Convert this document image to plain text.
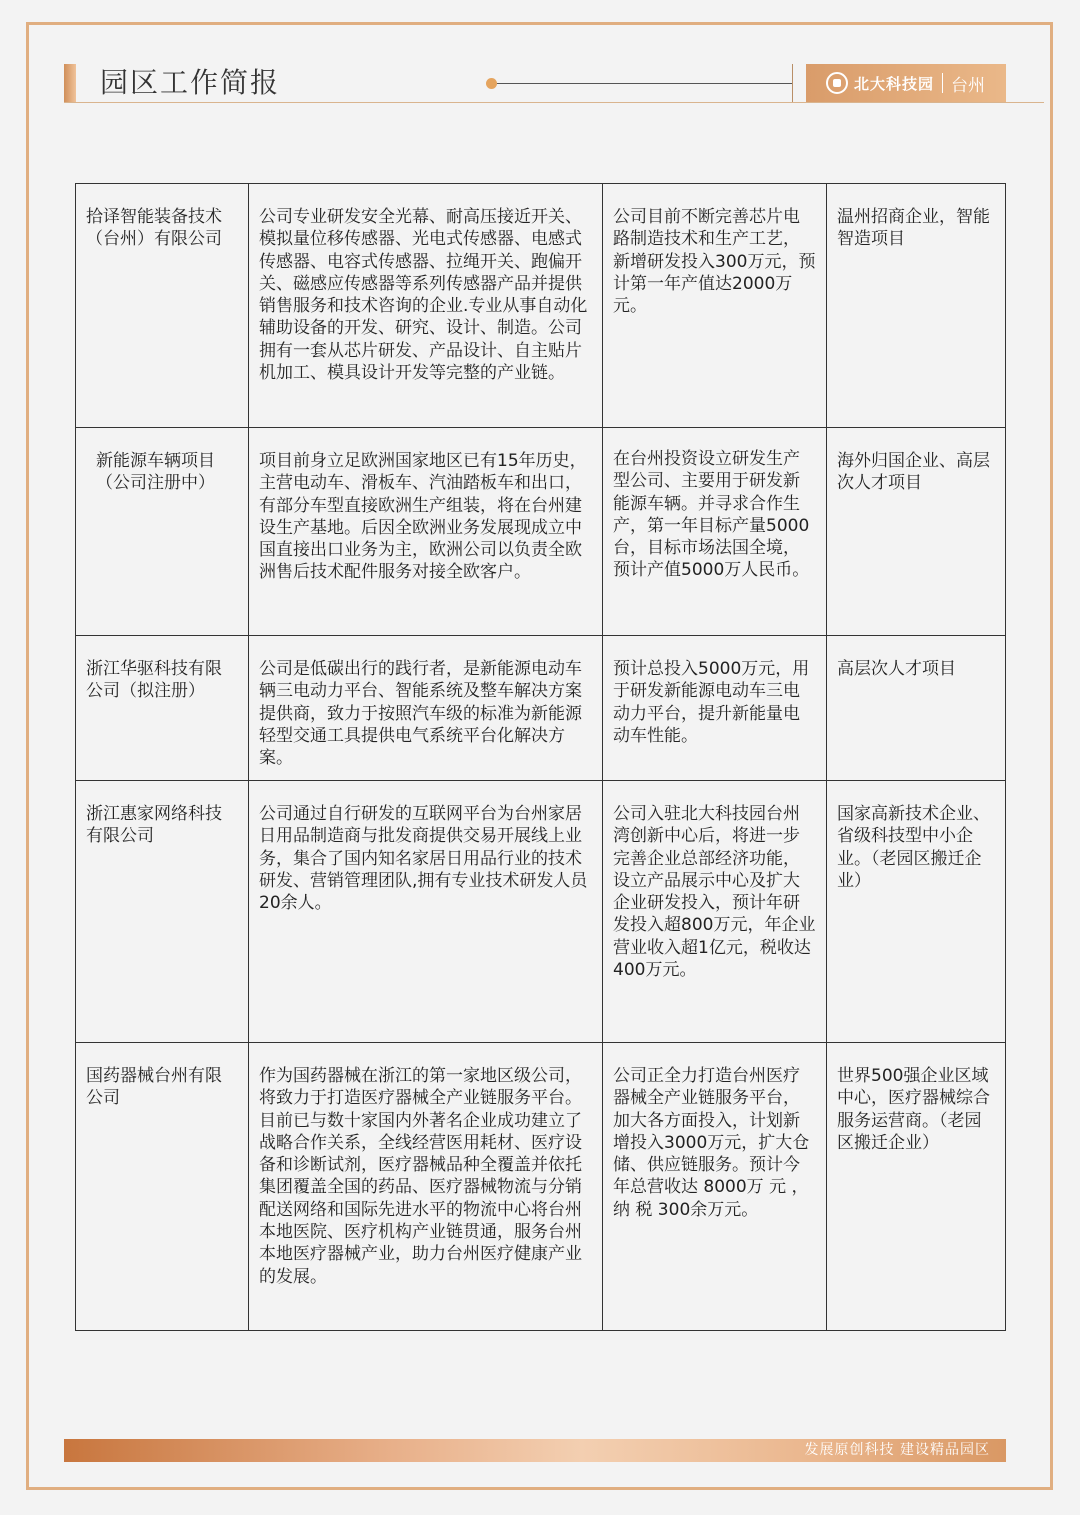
园区工作简报	北大科技园 台州
拾译智能装备技术（台州）有限公司	公司专业研发安全光幕、耐高压接近开关、模拟量位移传感器、光电式传感器、电感式传感器、电容式传感器、拉绳开关、跑偏开关、磁感应传感器等系列传感器产品并提供销售服务和技术咨询的企业.专业从事自动化辅助设备的开发、研究、设计、制造。公司拥有一套从芯片研发、产品设计、自主贴片机加工、模具设计开发等完整的产业链。	公司目前不断完善芯片电路制造技术和生产工艺，新增研发投入300万元，预计第一年产值达2000万元。	温州招商企业，智能智造项目
新能源车辆项目（公司注册中）	项目前身立足欧洲国家地区已有15年历史，主营电动车、滑板车、汽油踏板车和出口，有部分车型直接欧洲生产组装，将在台州建设生产基地。后因全欧洲业务发展现成立中国直接出口业务为主，欧洲公司以负责全欧洲售后技术配件服务对接全欧客户。	在台州投资设立研发生产型公司、主要用于研发新能源车辆。并寻求合作生产，第一年目标产量5000台，目标市场法国全境，预计产值5000万人民币。	海外归国企业、高层次人才项目
浙江华驱科技有限公司（拟注册）	公司是低碳出行的践行者，是新能源电动车辆三电动力平台、智能系统及整车解决方案提供商，致力于按照汽车级的标准为新能源轻型交通工具提供电气系统平台化解决方案。	预计总投入5000万元，用于研发新能源电动车三电动力平台，提升新能量电动车性能。	高层次人才项目
浙江惠家网络科技有限公司	公司通过自行研发的互联网平台为台州家居日用品制造商与批发商提供交易开展线上业务，集合了国内知名家居日用品行业的技术研发、营销管理团队,拥有专业技术研发人员20余人。	公司入驻北大科技园台州湾创新中心后，将进一步完善企业总部经济功能，设立产品展示中心及扩大企业研发投入，预计年研发投入超800万元，年企业营业收入超1亿元，税收达400万元。	国家高新技术企业、省级科技型中小企业。（老园区搬迁企业）
国药器械台州有限公司	作为国药器械在浙江的第一家地区级公司，将致力于打造医疗器械全产业链服务平台。目前已与数十家国内外著名企业成功建立了战略合作关系，全线经营医用耗材、医疗设备和诊断试剂，医疗器械品种全覆盖并依托集团覆盖全国的药品、医疗器械物流与分销配送网络和国际先进水平的物流中心将台州本地医院、医疗机构产业链贯通，服务台州本地医疗器械产业，助力台州医疗健康产业的发展。	公司正全力打造台州医疗器械全产业链服务平台，加大各方面投入，计划新增投入3000万元，扩大仓储、供应链服务。预计今年总营收达 8000万 元 ， 纳 税 300余万元。	世界500强企业区域中心，医疗器械综合服务运营商。（老园区搬迁企业）
发展原创科技 建设精品园区
